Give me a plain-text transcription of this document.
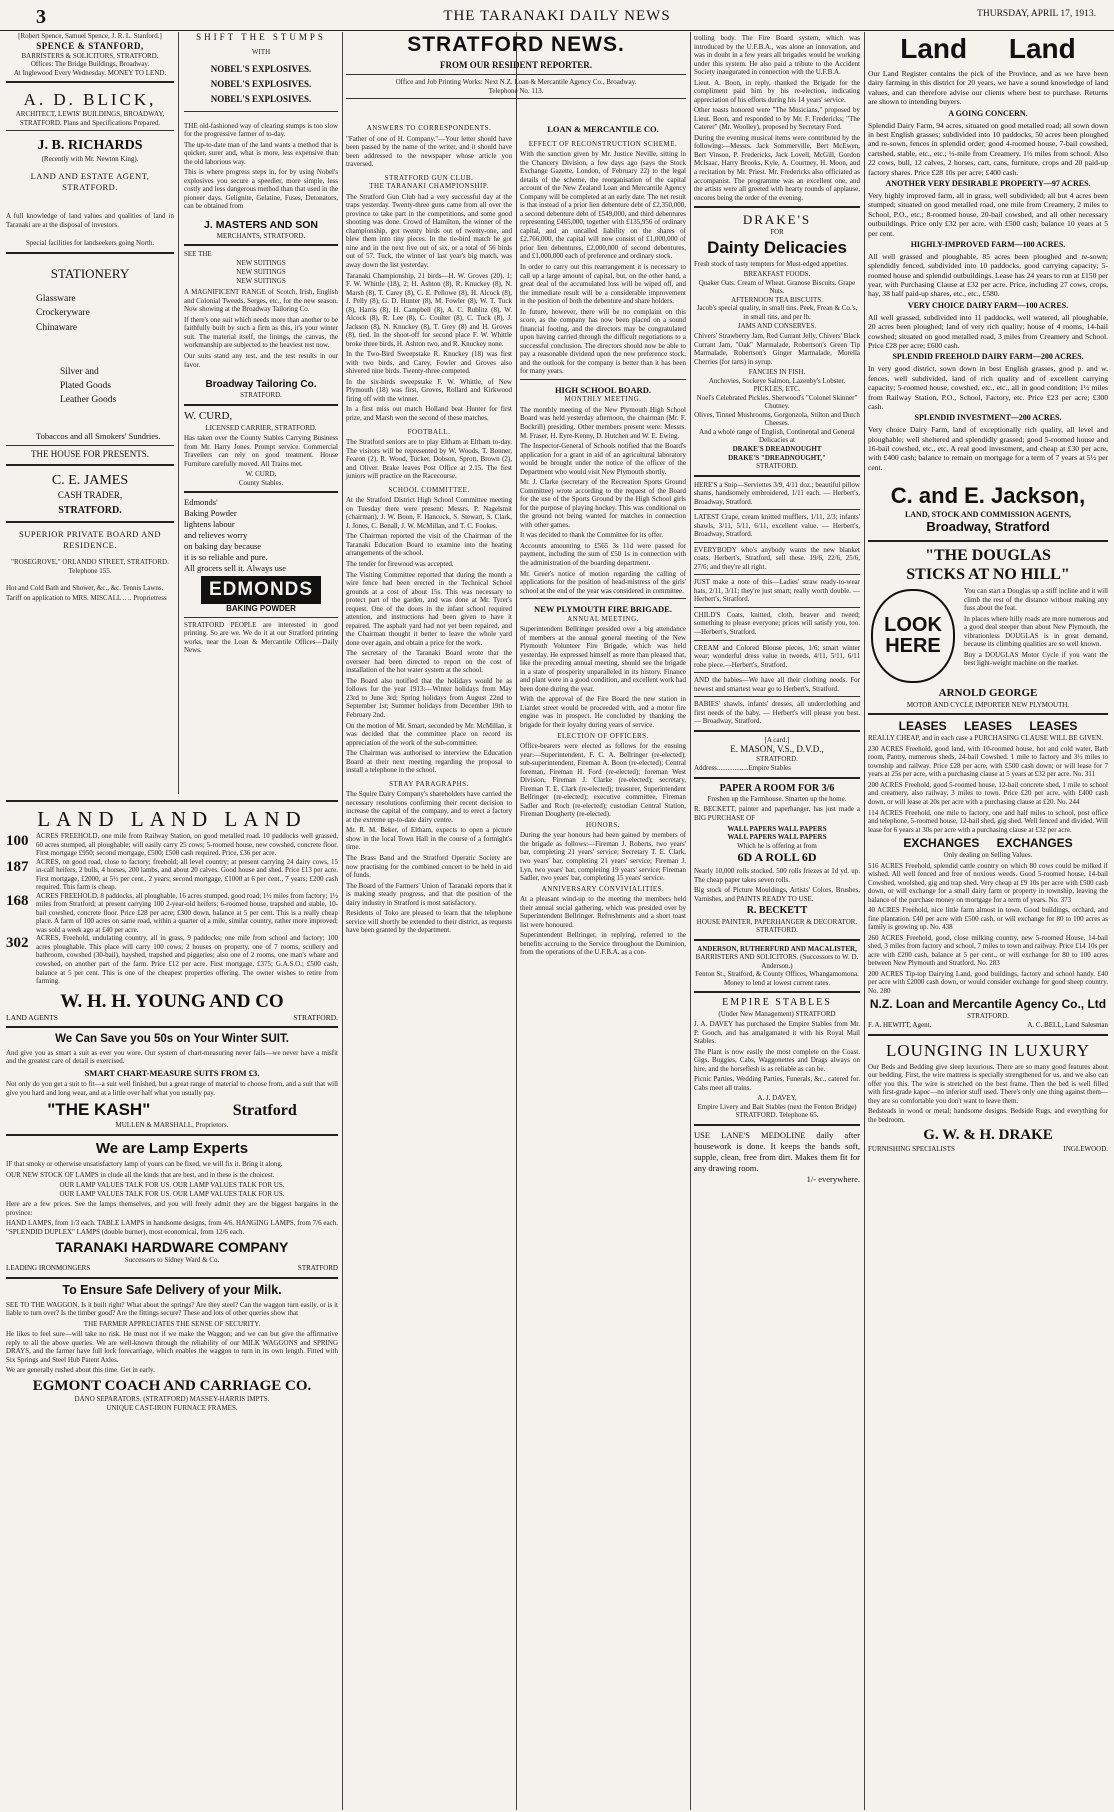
3	THE TARANAKI DAILY NEWS	THURSDAY, APRIL 17, 1913.
[Robert Spence, Samuel Spence, J. R. L. Stanford.]
SPENCE & STANFORD,
BARRISTERS & SOLICITORS, STRATFORD.
Offices: The Bridge Buildings, Broadway.
At Inglewood Every Wednesday. MONEY TO LEND.
A. D. BLICK,
ARCHITECT, LEWIS' BUILDINGS, BROADWAY, STRATFORD. Plans and Specifications Prepared.
J. B. RICHARDS
(Recently with Mr. Newton King).
LAND AND ESTATE AGENT, STRATFORD.

A full knowledge of land values and qualities of land in Taranaki are at the disposal of investors.

Special facilities for landseekers going North.

STATIONERY
Glassware
Crockeryware
Chinaware
Silver and
Plated Goods
Leather Goods
Tobaccos and all Smokers' Sundries.
THE HOUSE FOR PRESENTS.
C. E. JAMES
CASH TRADER,
STRATFORD.
SUPERIOR PRIVATE BOARD AND RESIDENCE.
"ROSEGROVE," ORLANDO STREET, STRATFORD. Telephone 155.

Hot and Cold Bath and Shower, &c., &c. Tennis Lawns.

Tariff on application to MRS. MISCALL .. .. Proprietress

SHIFT THE STUMPS
WITH
NOBEL'S EXPLOSIVES.
NOBEL'S EXPLOSIVES.
NOBEL'S EXPLOSIVES.

THE old-fashioned way of clearing stumps is too slow for the progressive farmer of to-day.

The up-to-date man of the land wants a method that is quicker, surer and, what is more, less expensive than the old laborious way.

This is where progress steps in, for by using Nobel's explosives you secure a speedier, more simple, less costly and less dangerous method than that used in the pioneer days. Gelignite, Gelatine, Fuses, Detonators, can be obtained from

J. MASTERS AND SON
MERCHANTS, STRATFORD.
SEE THE
NEW SUITINGS
NEW SUITINGS
NEW SUITINGS

A MAGNIFICENT RANGE of Scotch, Irish, English and Colonial Tweeds, Serges, etc., for the new season. Now showing at the Broadway Tailoring Co.

If there's one suit which needs more than another to be faithfully built by such a firm as this, it's your winter suit. The material itself, the linings, the canvas, the workmanship are subjected to the heaviest test now.

Our suits stand any test, and the test results in our favor.

Broadway Tailoring Co.
STRATFORD.
W. CURD,
LICENSED CARRIER, STRATFORD.

Has taken over the County Stables Carrying Business from Mr. Harry Jones. Prompt service. Commercial Travellers can rely on good treatment. House Furniture carefully moved. All Trains met.

W. CURD,
County Stables.
Edmonds'
Baking Powder
lightens labour
and relieves worry
on baking day because
it is so reliable and pure.
All grocers sell it. Always use
EDMONDS
BAKING POWDER

STRATFORD PEOPLE are interested in good printing. So are we. We do it at our Stratford printing works, near the Loan & Mercantile Offices—Daily News.

LAND LAND LAND
100	ACRES FREEHOLD, one mile from Railway Station, on good metalled road. 10 paddocks well grassed, 60 acres stumped, all ploughable; will easily carry 25 cows; 5-roomed house, new cowshed, concrete floor. First mortgage £950; second mortgage, £500; £500 cash required. Price, £36 per acre.

187	ACRES, on good road, close to factory; freehold; all level country; at present carrying 24 dairy cows, 15 in-calf heifers, 2 bulls, 4 horses, 200 lambs, and about 20 calves. Good house and shed. Price £13 per acre. First mortgage, £2000, at 5½ per cent., 2 years; second mortgage, £1000 at 6 per cent., 7 years; £200 cash required. This farm is cheap.

168	ACRES FREEHOLD, 8 paddocks, all ploughable, 16 acres stumped, good road; 1½ miles from factory; 1½ miles from Stratford; at present carrying 100 2-year-old heifers; 6-roomed house, trapshed and stable, 10-bail cowshed, concrete floor. Price £28 per acre; £300 down, balance at 5 per cent. This is a really cheap place. A farm of 100 acres on same road, within a quarter of a mile, similar country, rather more improved; was sold a week ago at £40 per acre.

302	ACRES, Freehold, undulating country, all in grass, 9 paddocks; one mile from school and factory; 100 acres ploughable. This place will carry 100 cows; 2 houses on property, one of 7 rooms, scullery and bathroom, cowshed (30-bail), hayshed, trapshed and piggeries; also one of 2 rooms, one man's whare and cowshed, on another part of the farm. Price £12 per acre. First mortgage, £375; G.A.S.O.; £500 cash, balance at 5 per cent. This is one of the cheapest properties offering. The owner wishes to retire from farming.

W. H. H. YOUNG AND CO
LAND AGENTS	STRATFORD.
We Can Save you 50s on Your Winter SUIT.

And give you as smart a suit as ever you wore. Our system of chart-measuring never fails—we never have a misfit and the greatest care of detail is exercised.

SMART CHART-MEASURE SUITS FROM £3.

Not only do you get a suit to fit—a suit well finished, but a great range of material to choose from, and a suit that will give you hard and long wear, and at a little over half what you usually pay.

"THE KASH"	Stratford
MULLEN & MARSHALL, Proprietors.
We are Lamp Experts

IF that smoky or otherwise unsatisfactory lamp of yours can be fixed, we will fix it. Bring it along.

OUR NEW STOCK OF LAMPS in clude all the kinds that are best, and in these is the choicest.

OUR LAMP VALUES TALK FOR US. OUR LAMP VALUES TALK FOR US.
OUR LAMP VALUES TALK FOR US. OUR LAMP VALUES TALK FOR US.

Here are a few prices. See the lamps themselves, and you will freely admit they are the biggest bargains in the province:

HAND LAMPS, from 1/3 each. TABLE LAMPS in handsome designs, from 4/6. HANGING LAMPS, from 7/6 each. "SPLENDID DUPLEX" LAMPS (double burner), most economical, from 12/6 each.

TARANAKI HARDWARE COMPANY
Successors to Sidney Ward & Co.
LEADING IRONMONGERS	STRATFORD
To Ensure Safe Delivery of your Milk.

SEE TO THE WAGGON. Is it built right? What about the springs? Are they steel? Can the waggon turn easily, or is it liable to turn over? Is the timber good? Are the fittings secure? These and lots of other queries show that

THE FARMER APPRECIATES THE SENSE OF SECURITY.

He likes to feel sure—will take no risk. He must not if we make the Waggon; and we can but give the affirmative reply to all the above queries. We are well-known through the reliability of our MILK WAGGONS and SPRING DRAYS, and the farmer have full lock forecarriage, which enables the waggon to turn in its own length. Fitted with Six Springs and Steel Hub Patent Axles.

We are generally rushed about this time. Get in early.

EGMONT COACH AND CARRIAGE CO.
DANO SEPARATORS. (STRATFORD) MASSEY-HARRIS IMPTS.
UNIQUE CAST-IRON FURNACE FRAMES.
STRATFORD NEWS.
FROM OUR RESIDENT REPORTER.
Office and Job Printing Works: Next N.Z. Loan & Mercantile Agency Co., Broadway.
Telephone No. 113.
ANSWERS TO CORRESPONDENTS.

"Father of one of H. Company."—Your letter should have been passed by the name of the writer, and it should have been addressed to the newspaper whose article you traversed.

STRATFORD GUN CLUB.
THE TARANAKI CHAMPIONSHIP.

The Stratford Gun Club had a very successful day at the traps yesterday. Twenty-three guns came from all over the province to take part in the competitions, and some good shooting was done. Crowd of Hamilton, the winner of the championship, got twenty birds out of twenty-one, and blew them into tiny pieces. In the tie-bird match he got nine and in the next five out of six, or a total of 56 birds out of 57. Tuck, the winner of last year's big match, was away down the list yesterday.

Taranaki Championship, 21 birds—H. W. Groves (20), 1; F. W. Whittle (18), 2; H. Ashton (8), R. Knuckey (8), N. Marsh (8), T. Carey (8), C. E. Pellowe (8), H. Alcock (8), J. Pelly (8), G. D. Hunter (8), M. Fowler (8), W. T. Tuck (8), Harris (8), H. Campbell (8), A. C. Rublitz (8), W. Alcock (8), R. Lee (8), C. Coulter (8), C. Tuck (8), J. Jackson (8), N. Knuckey (8), T. Grey (8) and H. Groves (8), tied. In the shoot-off for second place F. W. Whittle broke three birds, H. Ashton two, and R. Knuckey none.

In the Two-Bird Sweepstake R. Knuckey (18) was first with two birds, and Carey, Fowler and Groves also shivered nine birds. Twenty-three competed.

In the six-birds sweepstake F. W. Whittle, of New Plymouth (18) was first, Groves, Rollard and Kirkwood firing off with the winner.

In a first miss out match Holland beat Hunter for first prize, and Marsh won the second of these matches.

FOOTBALL.

The Stratford seniors are to play Eltham at Eltham to-day. The visitors will be represented by W. Woods, T. Bonner, Fearon (2), R. Wood, Tucker, Dobson, Sprott, Brown (2), and Oliver. Brake leaves Post Office at 2.15. The first juniors will practice on the Racecourse.

SCHOOL COMMITTEE.

At the Stratford District High School Committee meeting on Tuesday there were present: Messrs. P. Nagelsmit (chairman), J. W. Boon, F. Hancock, S. Stewart, S. Clark, J. Jones, C. Benall, J. W. McMillan, and T. C. Fookes.

The Chairman reported the visit of the Chairman of the Taranaki Education Board to examine into the heating arrangements of the school.

The tender for firewood was accepted.

The Visiting Committee reported that during the month a wire fence had been erected in the Technical School grounds at a cost of about 15s. This was necessary to protect part of the garden, and was done at Mr. Tyrer's request. One of the doors in the infant school required attention, and instructions had been given to have it repaired. The asphalt yard had not yet been repaired, and the Chairman thought it better to leave the whole yard done over again, and obtain a price for the work.

The secretary of the Taranaki Board wrote that the overseer had been directed to report on the cost of installation of the hot water system at the school.

The Board also notified that the holidays would be as follows for the year 1913:—Winter holidays from May 23rd to June 3rd; Spring holidays from August 22nd to September 1st; Summer holidays from December 19th to February 2nd.

On the motion of Mr. Smart, seconded by Mr. McMillan, it was decided that the committee place on record its appreciation of the work of the sub-committee.

The Chairman was authorised to interview the Education Board at their next meeting regarding the proposal to install a telephone in the school.

STRAY PARAGRAPHS.

The Squire Dairy Company's shareholders have carried the necessary resolutions confirming their recent decision to increase the capital of the company, and to erect a factory at the extreme up-to-date dairy centre.

Mr. R. M. Beker, of Eltham, expects to open a picture show in the local Town Hall in the course of a fortnight's time.

The Brass Band and the Stratford Operatic Society are now practising for the combined concert to be held in aid of funds.

The Board of the Farmers' Union of Taranaki reports that it is making steady progress, and that the position of the dairy industry in Stratford is most satisfactory.

Residents of Toko are pleased to learn that the telephone service will shortly be extended to their district, as requests have been granted by the department.

LOAN & MERCANTILE CO.
EFFECT OF RECONSTRUCTION SCHEME.

With the sanction given by Mr. Justice Neville, sitting in the Chancery Division, a few days ago (says the Stock Exchange Gazette, London, of February 22) to the legal details of the scheme, the reorganisation of the capital account of the New Zealand Loan and Mercantile Agency Company will be completed at an early date. The net result is that instead of a prior lien debenture debt of £2,350,000, a second debenture debt of £549,000, and third debentures representing £465,000, together with £135,956 of ordinary capital, and an uncalled liability on the shares of £2,766,000, the capital will now consist of £1,000,000 of prior lien debentures, £2,000,000 of second debentures, and £1,000,000 each of preference and ordinary stock.

In order to carry out this rearrangement it is necessary to call up a large amount of capital, but, on the other hand, a great deal of the accumulated loss will be wiped off, and the immediate result will be a considerable improvement in the position of both the debenture and share holders.

In future, however, there will be no complaint on this score, as the company has now been placed on a sound financial footing, and the directors may be congratulated upon having carried through the difficult negotiations to a successful conclusion. The directors should now be able to pay a reasonable dividend upon the new preference stock, and the outlook for the company is better than it has been for many years.

HIGH SCHOOL BOARD.
MONTHLY MEETING.

The monthly meeting of the New Plymouth High School Board was held yesterday afternoon, the chairman (Mr. F. Bockrill) presiding. Other members present were: Messrs. M. Fraser, H. Eyre-Kenny, D. Hutchen and W. E. Ewing.

The Inspector-General of Schools notified that the Board's application for a grant in aid of an agricultural laboratory would be brought under the notice of the officer of the Department who would visit New Plymouth shortly.

Mr. J. Clarke (secretary of the Recreation Sports Ground Committee) wrote according to the request of the Board for the use of the Sports Ground by the High School girls for the purpose of playing hockey. This was conditional on the ground not being wanted for matches in connection with other games.

It was decided to thank the Committee for its offer.

Accounts amounting to £565 3s 11d were passed for payment, including the sum of £50 1s in connection with the administration of the boarding department.

Mr. Greer's notice of motion regarding the calling of applications for the position of head-mistress of the girls' school at the end of the year was considered in committee.

NEW PLYMOUTH FIRE BRIGADE.
ANNUAL MEETING.

Superintendent Bellringer presided over a big attendance of members at the annual general meeting of the New Plymouth Volunteer Fire Brigade, which was held yesterday. He expressed himself as more than pleased that, like the preceding annual meeting, should see the brigade in a state of prosperity unparalleled in its history. Finance and plant were in a good condition, and excellent work had been done during the year.

With the approval of the Fire Board the new station in Liardet street would be proceeded with, and a motor fire engine was in prospect. He concluded by thanking the brigade for their loyalty during years of service.

ELECTION OF OFFICERS.

Office-bearers were elected as follows for the ensuing year:—Superintendent, F. C. A. Bellringer (re-elected); sub-superintendent, Fireman A. Boon (re-elected); Central foreman, Fireman H. Ford (re-elected); foreman West Division, Fireman J. Clarke (re-elected); secretary, Fireman T. E. Clark (re-elected); treasurer, Superintendent Bellringer (re-elected); executive committee, Fireman Sadler and Roch (re-elected); custodian Central Station, Fireman Dougherty (re-elected).

HONORS.

During the year honours had been gained by members of the brigade as follows:—Fireman J. Roberts, two years' bar, completing 21 years' service; Secretary T. E. Clark, two years' bar, completing 21 years' service; Fireman J. Lyn, two years' bar, completing 19 years' service; Fireman Sadler, two years' bar, completing 15 years' service.

ANNIVERSARY CONVIVIALITIES.

At a pleasant wind-up to the meeting the members held their annual social gathering, which was presided over by Superintendent Bellringer. Refreshments and a short toast list were honoured.

Superintendent Bellringer, in replying, referred to the benefits accruing to the Service throughout the Dominion, from the operations of the U.F.B.A. as a con-

trolling body. The Fire Board system, which was introduced by the U.F.B.A., was alone an innovation, and was in doubt in a few years all brigades would be working under this system. He also paid a tribute to the Accident Society inaugurated in connection with the U.F.B.A.

Lieut. A. Boon, in reply, thanked the Brigade for the compliment paid him by his re-election, indicating appreciation of his efforts during his 14 years' service.

Other toasts honored were "The Musicians," proposed by Lieut. Boon, and responded to by Mr. F. Fredericks; "The Caterer" (Mr. Woolley), proposed by Secretary Ford.

During the evening musical items were contributed by the following:—Messrs. Jack Sommerville, Bert McEwen, Bert Vinson, P. Fredericks, Jack Lovell, McGill, Gordon McIsaac, Harry Brooks, Kyle, A. Courtney, H. Moon, and a recitation by Mr. Priest. Mr. Fredericks also officiated as accompanist. The programme was an excellent one, and the artists were all greeted with hearty rounds of applause, encores being the order of the evening.

DRAKE'S
FOR
Dainty Delicacies

Fresh stock of tasty tempters for Must-edged appetites.

BREAKFAST FOODS.
Quaker Oats. Cream of Wheat. Granose Biscuits. Grape Nuts.
AFTERNOON TEA BISCUITS.
Jacob's special quality, in small tins. Peek, Frean & Co.'s, in small tins, and per lb.
JAMS AND CONSERVES.

Chivers' Strawberry Jam, Red Currant Jelly, Chivers' Black Currant Jam, "Oak" Marmalade, Robertson's Green Tip Marmalade, Robertson's Ginger Marmalade, Morella Cherries (for tarts) in syrup.

FANCIES IN FISH.
Anchovies, Sockeye Salmon, Lazenby's Lobster.
PICKLES, ETC.
Noel's Celebrated Pickles. Sherwood's "Colonel Skinner" Chutney.
Olives, Tinned Mushrooms, Gorgonzola, Stilton and Dutch Cheeses.
And a whole range of English, Continental and General Delicacies at
DRAKE'S DREADNOUGHT
DRAKE'S "DREADNOUGHT,"
STRATFORD.

HERE'S a Snip—Serviettes 3/9, 4/11 doz.; beautiful pillow shams, handsomely embroidered, 1/11 each. — Herbert's, Broadway, Stratford.

LATEST Crape, cream knitted mufflers, 1/11, 2/3; infants' shawls, 3/11, 5/11, 6/11, excellent value. — Herbert's, Broadway, Stratford.

EVERYBODY who's anybody wants the new blanket coats. Herbert's, Stratford, sell these. 19/6, 22/6, 25/6, 27/6; and they're all right.

JUST make a note of this—Ladies' straw ready-to-wear hats, 2/11, 3/11; they're just smart; really worth double. —Herbert's, Stratford.

CHILD'S Coats, knitted, cloth, beaver and tweed; something to please everyone; prices will satisfy you, too. —Herbert's, Stratford.

CREAM and Colored Blouse pieces, 1/6; smart winter wear; wonderful dress value in tweeds, 4/11, 5/11, 6/11 robe piece.—Herbert's, Stratford.

AND the babies—We have all their clothing needs. For newest and smartest wear go to Herbert's, Stratford.

BABIES' shawls, infants' dresses, all underclothing and first needs of the baby. — Herbert's will please you best. — Broadway, Stratford.

[A card.]
E. MASON, V.S., D.V.D.,
STRATFORD.
Address..................Empire Stables
PAPER A ROOM FOR 3/6
Freshen up the Farmhouse. Smarten up the home.

R. BECKETT, painter and paperhanger, has just made a BIG PURCHASE OF

WALL PAPERS WALL PAPERS
WALL PAPERS WALL PAPERS
Which he is offering at from
6D A ROLL 6D

Nearly 10,000 rolls stocked. 500 rolls friezes at 1d yd. up. The cheap paper takes seven rolls.

Big stock of Picture Mouldings, Artists' Colors, Brushes, Varnishes, and PAINTS READY TO USE.

R. BECKETT
HOUSE PAINTER, PAPERHANGER & DECORATOR. STRATFORD.
ANDERSON, RUTHERFURD AND MACALISTER,
BARRISTERS AND SOLICITORS. (Successors to W. D. Anderson.)
Fenton St., Stratford, & County Offices, Whangamomona.
Money to lend at lowest current rates.
EMPIRE STABLES
(Under New Management) STRATFORD

J. A. DAVEY has purchased the Empire Stables from Mr. P. Gooch, and has amalgamated it with his Royal Mail Stables.

The Plant is now easily the most complete on the Coast. Gigs, Buggies, Cabs, Waggonettes and Drags always on hire, and the horseflesh is as reliable as can be.

Picnic Parties, Wedding Parties, Funerals, &c., catered for. Cabs meet all trains.

A. J. DAVEY,
Empire Livery and Bait Stables (next the Fenton Bridge) STRATFORD. Telephone 65.

USE LANE'S MEDOLINE daily after housework is done. It keeps the hands soft, supple, clean, free from dirt. Makes them fit for any drawing room.

1/- everywhere.
Land Land

Our Land Register contains the pick of the Province, and as we have been dairy farming in this district for 20 years, we have a sound knowledge of land values, and can therefore advise our clients where best to purchase. Returns are shown to intending buyers.

A GOING CONCERN.

Splendid Dairy Farm, 94 acres, situated on good metalled road; all sown down in best English grasses; subdivided into 10 paddocks, 50 acres been ploughed and re-sown, fences in splendid order; good 4-roomed house, 7-bail cowshed, cartshed, stable, etc., etc.; ½-mile from Creamery, 1½ miles from school. Also 22 cows, bull, 12 calves, 2 horses, cart, cans, furniture, crops and 20 paid-up factory shares. Price £28 10s per acre; £400 cash.

ANOTHER VERY DESIRABLE PROPERTY—97 ACRES.

Very highly improved farm, all in grass, well subdivided; all but 4 acres been stumped; situated on good metalled road, one mile from Creamery, 2 miles to School, P.O., etc.; 8-roomed house, 20-bail cowshed, and all other necessary outbuildings. Price only £32 per acre, with £500 cash; balance 10 years at 5 per cent.

HIGHLY-IMPROVED FARM—100 ACRES.

All well grassed and ploughable, 85 acres been ploughed and re-sown; splendidly fenced, subdivided into 10 paddocks, good carrying capacity; 5-roomed house and splendid outbuildings. Lease has 24 years to run at £150 per year, with Purchasing Clause at £32 per acre. Price, including 27 cows, crops, hay, 38 half paid-up shares, etc., etc., £580.

VERY CHOICE DAIRY FARM—100 ACRES.

All well grassed, subdivided into 11 paddocks, well watered, all ploughable, 20 acres been ploughed; land of very rich quality; house of 4 rooms, 14-bail cowshed; situated on good metalled road, 3 miles from Creamery and School. Price £28 per acre; £600 cash.

SPLENDID FREEHOLD DAIRY FARM—200 ACRES.

In very good district, sown down in best English grasses, good p. and w. fences, well subdivided, land of rich quality and of excellent carrying capacity; 5-roomed house, cowshed, etc., etc., all in good condition; 1½ miles from Railway Station, P.O., School, Factory, etc. Price £23 per acre; £300 cash.

SPLENDID INVESTMENT—200 ACRES.

Very choice Dairy Farm, land of exceptionally rich quality, all level and ploughable; well sheltered and splendidly grassed; good 5-roomed house and 16-bail cowshed, etc., etc. A real good investment, and cheap at £30 per acre, with £400 cash; balance to remain on mortgage for a term of 7 years at 5½ per cent.

C. and E. Jackson,
LAND, STOCK AND COMMISSION AGENTS,
Broadway, Stratford
"THE DOUGLAS
STICKS AT NO HILL"
LOOK HERE

You can start a Douglas up a stiff incline and it will climb the rest of the distance without making any fuss about the feat.

In places where hilly roads are more numerous and a good deal steeper than about New Plymouth, the vibrationless DOUGLAS is in great demand, because its climbing qualities are so well known.

Buy a DOUGLAS Motor Cycle if you want the best light-weight machine on the market.

ARNOLD GEORGE
MOTOR AND CYCLE IMPORTER NEW PLYMOUTH.
LEASES LEASES LEASES
REALLY CHEAP, and in each case a PURCHASING CLAUSE WILL BE GIVEN.

230 ACRES Freehold, good land, with 10-roomed house, hot and cold water, Bath room, Pantry, numerous sheds, 24-bail Cowshed. 1 mile to factory and 3½ miles to township and railway. Price £28 per acre, with £500 cash down; or will lease for 7 years at 25s per acre, with a purchasing clause at 5 years at £32 per acre. No. 311

200 ACRES Freehold, good 5-roomed house, 12-bail concrete shed, 1 mile to school and creamery, also railway, 3 miles to town. Price £20 per acre, with £400 cash down, or will lease at 20s per acre with a purchasing clause at £20. No. 244

114 ACRES Freehold, one mile to factory, one and half miles to school, post office and telephone, 5-roomed house, 12-bail shed, gig shed. Well fenced and divided. Will lease for 6 years at 30s per acre with a purchasing clause at £32 per acre.

EXCHANGES EXCHANGES
Only dealing on Selling Values.

516 ACRES Freehold, splendid cattle country on which 80 cows could be milked if wished. All well fenced and free of noxious weeds. Good 5-roomed house, 14-bail Cowshed, woolshed, gig and trap shed. Very cheap at £9 10s per acre with £500 cash down, or will exchange for a small dairy farm or property in township, leaving the balance of the purchase money on mortgage for a term of years. No. 373

40 ACRES Freehold, nice little farm almost in town. Good buildings, orchard, and fine plantation. £40 per acre with £500 cash, or will exchange for 80 to 100 acres as family is growing up. No. 438

260 ACRES Freehold, good, close milking country, new 5-roomed House, 14-bail shed, 3 miles from factory and school, 7 miles to town and railway. Price £14 10s per acre with £200 cash, balance at 5 per cent., or will exchange for 80 to 100 acres between New Plymouth and Stratford. No. 283

200 ACRES Tip-top Dairying Land, good buildings, factory and school handy. £40 per acre with £2000 cash down, or would consider exchange for good sheep country. No. 280

N.Z. Loan and Mercantile Agency Co., Ltd
STRATFORD.
F. A. HEWITT, Agent.	A. C. BELL, Land Salesman
LOUNGING IN LUXURY

Our Beds and Bedding give sleep luxurious. There are so many good features about our bedding. First, the wire mattress is specially strengthened for us, and we also can offer you this. The wire is stretched on the best frame. Then the bed is well filled with first-grade kapoc—no inferior stuff used. There's only one thing against them—they are so comfortable you don't want to leave them.

Bedsteads in wood or metal; handsome designs. Bedside Rugs, and everything for the bedroom.

G. W. & H. DRAKE
FURNISHING SPECIALISTS	INGLEWOOD.
